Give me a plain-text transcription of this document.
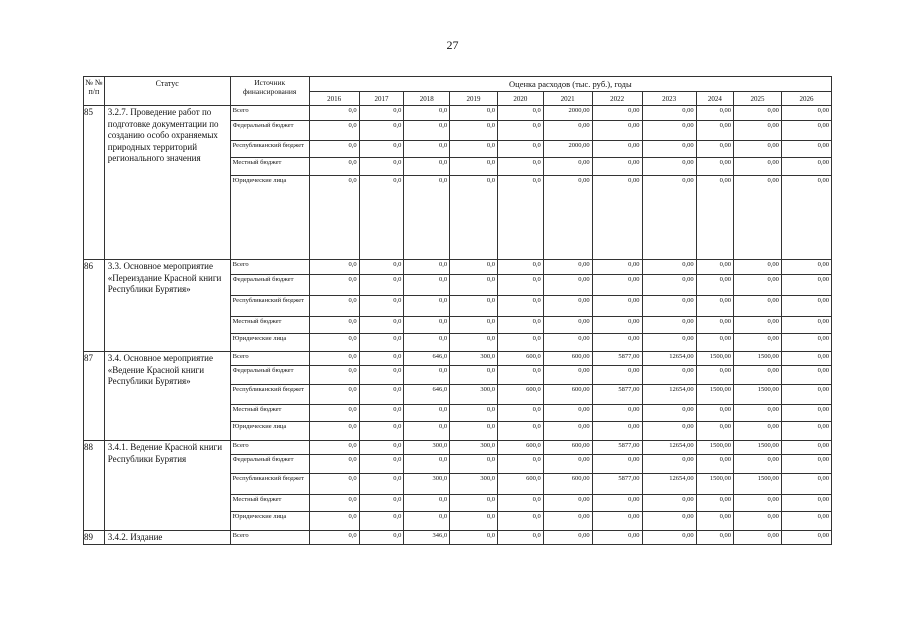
27
№ № п/п	Статус	Источник финансирования	Оценка расходов (тыс. руб.), годы										
			2016	2017	2018	2019	2020	2021	2022	2023	2024	2025	2026
85	3.2.7. Проведение работ по подготовке документации по созданию особо охраняемых природных территорий регионального значения	Всего	0,0	0,0	0,0	0,0	0,0	2000,00	0,00	0,00	0,00	0,00	0,00
		Федеральный бюджет	0,0	0,0	0,0	0,0	0,0	0,00	0,00	0,00	0,00	0,00	0,00
		Республиканский бюджет	0,0	0,0	0,0	0,0	0,0	2000,00	0,00	0,00	0,00	0,00	0,00
		Местный бюджет	0,0	0,0	0,0	0,0	0,0	0,00	0,00	0,00	0,00	0,00	0,00
		Юридические лица	0,0	0,0	0,0	0,0	0,0	0,00	0,00	0,00	0,00	0,00	0,00
86	3.3. Основное мероприятие «Переиздание Красной книги Республики Бурятия»	Всего	0,0	0,0	0,0	0,0	0,0	0,00	0,00	0,00	0,00	0,00	0,00
		Федеральный бюджет	0,0	0,0	0,0	0,0	0,0	0,00	0,00	0,00	0,00	0,00	0,00
		Республиканский бюджет	0,0	0,0	0,0	0,0	0,0	0,00	0,00	0,00	0,00	0,00	0,00
		Местный бюджет	0,0	0,0	0,0	0,0	0,0	0,00	0,00	0,00	0,00	0,00	0,00
		Юридические лица	0,0	0,0	0,0	0,0	0,0	0,00	0,00	0,00	0,00	0,00	0,00
87	3.4. Основное мероприятие «Ведение Красной книги Республики Бурятия»	Всего	0,0	0,0	646,0	300,0	600,0	600,00	5877,00	12654,00	1500,00	1500,00	0,00
		Федеральный бюджет	0,0	0,0	0,0	0,0	0,0	0,00	0,00	0,00	0,00	0,00	0,00
		Республиканский бюджет	0,0	0,0	646,0	300,0	600,0	600,00	5877,00	12654,00	1500,00	1500,00	0,00
		Местный бюджет	0,0	0,0	0,0	0,0	0,0	0,00	0,00	0,00	0,00	0,00	0,00
		Юридические лица	0,0	0,0	0,0	0,0	0,0	0,00	0,00	0,00	0,00	0,00	0,00
88	3.4.1. Ведение Красной книги Республики Бурятия	Всего	0,0	0,0	300,0	300,0	600,0	600,00	5877,00	12654,00	1500,00	1500,00	0,00
		Федеральный бюджет	0,0	0,0	0,0	0,0	0,0	0,00	0,00	0,00	0,00	0,00	0,00
		Республиканский бюджет	0,0	0,0	300,0	300,0	600,0	600,00	5877,00	12654,00	1500,00	1500,00	0,00
		Местный бюджет	0,0	0,0	0,0	0,0	0,0	0,00	0,00	0,00	0,00	0,00	0,00
		Юридические лица	0,0	0,0	0,0	0,0	0,0	0,00	0,00	0,00	0,00	0,00	0,00
89	3.4.2. Издание	Всего	0,0	0,0	346,0	0,0	0,0	0,00	0,00	0,00	0,00	0,00	0,00
